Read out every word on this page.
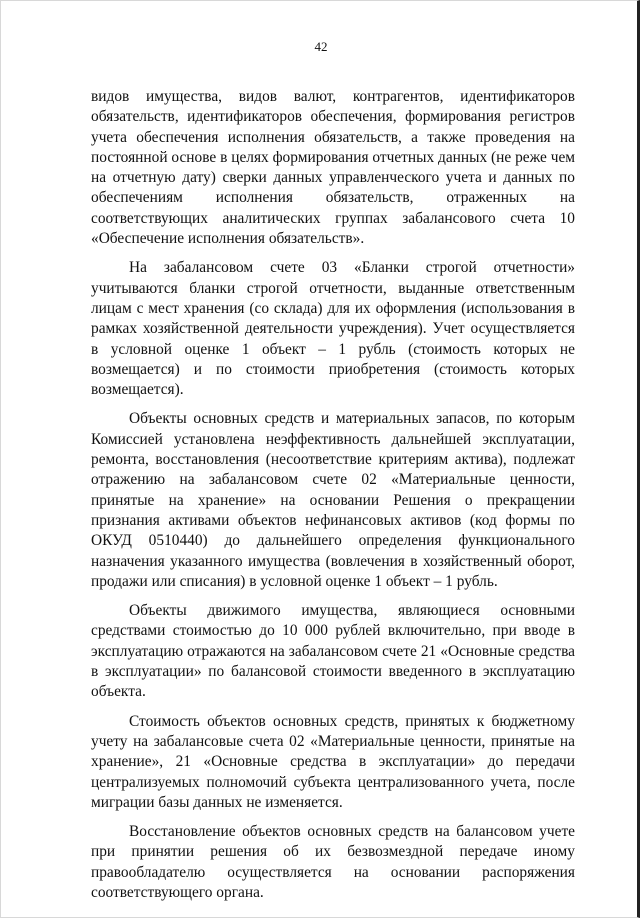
42

видов имущества, видов валют, контрагентов, идентификаторов обязательств, идентификаторов обеспечения, формирования регистров учета обеспечения исполнения обязательств, а также проведения на постоянной основе в целях формирования отчетных данных (не реже чем на отчетную дату) сверки данных управленческого учета и данных по обеспечениям исполнения обязательств, отраженных на соответствующих аналитических группах забалансового счета 10 «Обеспечение исполнения обязательств».

На забалансовом счете 03 «Бланки строгой отчетности» учитываются бланки строгой отчетности, выданные ответственным лицам с мест хранения (со склада) для их оформления (использования в рамках хозяйственной деятельности учреждения). Учет осуществляется в условной оценке 1 объект – 1 рубль (стоимость которых не возмещается) и по стоимости приобретения (стоимость которых возмещается).

Объекты основных средств и материальных запасов, по которым Комиссией установлена неэффективность дальнейшей эксплуатации, ремонта, восстановления (несоответствие критериям актива), подлежат отражению на забалансовом счете 02 «Материальные ценности, принятые на хранение» на основании Решения о прекращении признания активами объектов нефинансовых активов (код формы по ОКУД 0510440) до дальнейшего определения функционального назначения указанного имущества (вовлечения в хозяйственный оборот, продажи или списания) в условной оценке 1 объект – 1 рубль.

Объекты движимого имущества, являющиеся основными средствами стоимостью до 10 000 рублей включительно, при вводе в эксплуатацию отражаются на забалансовом счете 21 «Основные средства в эксплуатации» по балансовой стоимости введенного в эксплуатацию объекта.

Стоимость объектов основных средств, принятых к бюджетному учету на забалансовые счета 02 «Материальные ценности, принятые на хранение», 21 «Основные средства в эксплуатации» до передачи централизуемых полномочий субъекта централизованного учета, после миграции базы данных не изменяется.

Восстановление объектов основных средств на балансовом учете при принятии решения об их безвозмездной передаче иному правообладателю осуществляется на основании распоряжения соответствующего органа.
